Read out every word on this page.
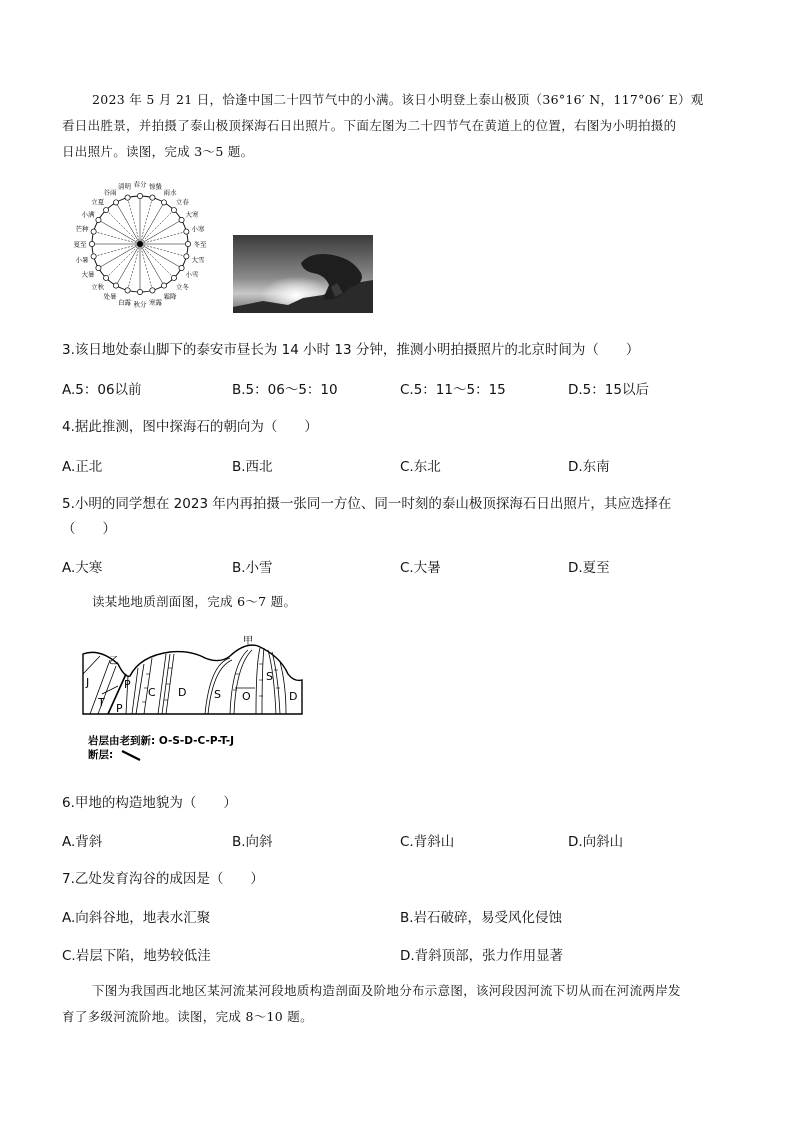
2023 年 5 月 21 日，恰逢中国二十四节气中的小满。该日小明登上泰山极顶（36°16′ N，117°06′ E）观
看日出胜景，并拍摄了泰山极顶探海石日出照片。下面左图为二十四节气在黄道上的位置，右图为小明拍摄的
日出照片。读图，完成 3～5 题。
春分 惊蛰
雨水
立春
大寒
小寒
冬至
大雪
小雪
立冬
霜降
寒露
秋分
白露
处暑
立秋
大暑
小暑
夏至
芒种
小满
立夏
谷雨
清明
3.该日地处泰山脚下的泰安市昼长为 14 小时 13 分钟，推测小明拍摄照片的北京时间为（　　）
A.5：06以前	B.5：06～5：10	C.5：11～5：15	D.5：15以后
4.据此推测，图中探海石的朝向为（　　）
A.正北	B.西北	C.东北	D.东南
5.小明的同学想在 2023 年内再拍摄一张同一方位、同一时刻的泰山极顶探海石日出照片，其应选择在
（　　）
A.大寒	B.小雪	C.大暑	D.夏至
读某地地质剖面图，完成 6～7 题。
甲
乙
J	P
T P
C D	S O
S
D
岩层由老到新: O-S-D-C-P-T-J
断层:
6.甲地的构造地貌为（　　）
A.背斜	B.向斜	C.背斜山	D.向斜山
7.乙处发育沟谷的成因是（　　）
A.向斜谷地，地表水汇聚	B.岩石破碎，易受风化侵蚀
C.岩层下陷，地势较低洼	D.背斜顶部，张力作用显著
下图为我国西北地区某河流某河段地质构造剖面及阶地分布示意图，该河段因河流下切从而在河流两岸发
育了多级河流阶地。读图，完成 8～10 题。
